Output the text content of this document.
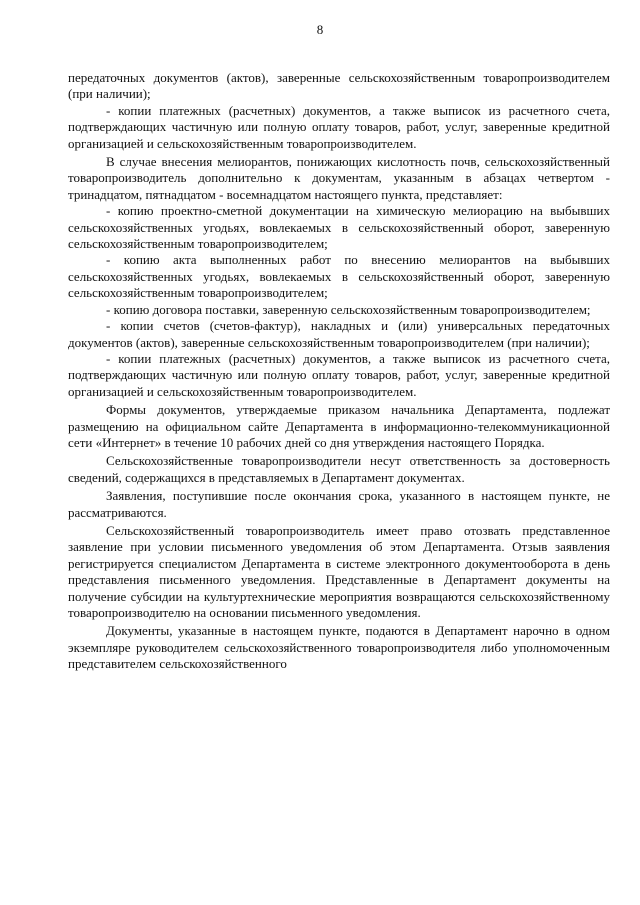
8

передаточных документов (актов), заверенные сельскохозяйственным товаропроизводителем (при наличии);

- копии платежных (расчетных) документов, а также выписок из расчетного счета, подтверждающих частичную или полную оплату товаров, работ, услуг, заверенные кредитной организацией и сельскохозяйственным товаропроизводителем.

В случае внесения мелиорантов, понижающих кислотность почв, сельскохозяйственный товаропроизводитель дополнительно к документам, указанным в абзацах четвертом - тринадцатом, пятнадцатом - восемнадцатом настоящего пункта, представляет:

- копию проектно-сметной документации на химическую мелиорацию на выбывших сельскохозяйственных угодьях, вовлекаемых в сельскохозяйственный оборот, заверенную сельскохозяйственным товаропроизводителем;

- копию акта выполненных работ по внесению мелиорантов на выбывших сельскохозяйственных угодьях, вовлекаемых в сельскохозяйственный оборот, заверенную сельскохозяйственным товаропроизводителем;

- копию договора поставки, заверенную сельскохозяйственным товаропроизводителем;

- копии счетов (счетов-фактур), накладных и (или) универсальных передаточных документов (актов), заверенные сельскохозяйственным товаропроизводителем (при наличии);

- копии платежных (расчетных) документов, а также выписок из расчетного счета, подтверждающих частичную или полную оплату товаров, работ, услуг, заверенные кредитной организацией и сельскохозяйственным товаропроизводителем.

Формы документов, утверждаемые приказом начальника Департамента, подлежат размещению на официальном сайте Департамента в информационно-телекоммуникационной сети «Интернет» в течение 10 рабочих дней со дня утверждения настоящего Порядка.

Сельскохозяйственные товаропроизводители несут ответственность за достоверность сведений, содержащихся в представляемых в Департамент документах.

Заявления, поступившие после окончания срока, указанного в настоящем пункте, не рассматриваются.

Сельскохозяйственный товаропроизводитель имеет право отозвать представленное заявление при условии письменного уведомления об этом Департамента. Отзыв заявления регистрируется специалистом Департамента в системе электронного документооборота в день представления письменного уведомления. Представленные в Департамент документы на получение субсидии на культуртехнические мероприятия возвращаются сельскохозяйственному товаропроизводителю на основании письменного уведомления.

Документы, указанные в настоящем пункте, подаются в Департамент нарочно в одном экземпляре руководителем сельскохозяйственного товаропроизводителя либо уполномоченным представителем сельскохозяйственного
